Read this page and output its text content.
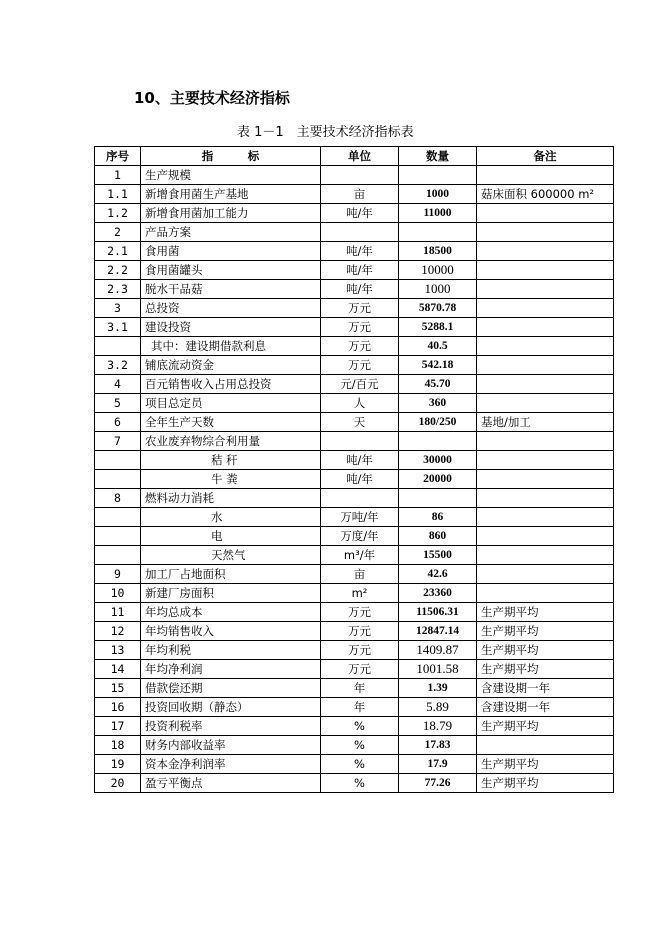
10、主要技术经济指标
表 1－1　主要技术经济指标表
序号	指　　　标	单位	数量	备注
1	生产规模			
1.1	新增食用菌生产基地	亩	1000	菇床面积 600000 m²
1.2	新增食用菌加工能力	吨/年	11000	
2	产品方案			
2.1	食用菌	吨/年	18500	
2.2	食用菌罐头	吨/年	10000	
2.3	脱水干品菇	吨/年	1000	
3	总投资	万元	5870.78	
3.1	建设投资	万元	5288.1	
	其中：建设期借款利息	万元	40.5	
3.2	铺底流动资金	万元	542.18	
4	百元销售收入占用总投资	元/百元	45.70	
5	项目总定员	人	360	
6	全年生产天数	天	180/250	基地/加工
7	农业废弃物综合利用量			
	秸 秆	吨/年	30000	
	牛 粪	吨/年	20000	
8	燃料动力消耗			
	水	万吨/年	86	
	电	万度/年	860	
	天然气	m³/年	15500	
9	加工厂占地面积	亩	42.6	
10	新建厂房面积	m²	23360	
11	年均总成本	万元	11506.31	生产期平均
12	年均销售收入	万元	12847.14	生产期平均
13	年均利税	万元	1409.87	生产期平均
14	年均净利润	万元	1001.58	生产期平均
15	借款偿还期	年	1.39	含建设期一年
16	投资回收期（静态）	年	5.89	含建设期一年
17	投资利税率	%	18.79	生产期平均
18	财务内部收益率	%	17.83	
19	资本金净利润率	%	17.9	生产期平均
20	盈亏平衡点	%	77.26	生产期平均
